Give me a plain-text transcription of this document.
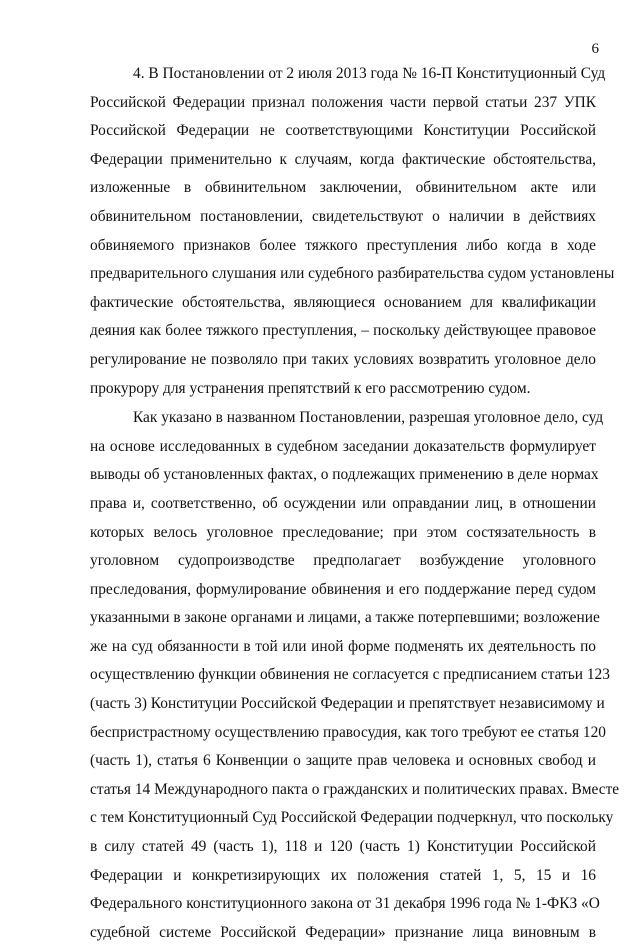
6
4. В Постановлении от 2 июля 2013 года № 16-П Конституционный Суд
Российской Федерации признал положения части первой статьи 237 УПК
Российской Федерации не соответствующими Конституции Российской
Федерации применительно к случаям, когда фактические обстоятельства,
изложенные в обвинительном заключении, обвинительном акте или
обвинительном постановлении, свидетельствуют о наличии в действиях
обвиняемого признаков более тяжкого преступления либо когда в ходе
предварительного слушания или судебного разбирательства судом установлены
фактические обстоятельства, являющиеся основанием для квалификации
деяния как более тяжкого преступления, – поскольку действующее правовое
регулирование не позволяло при таких условиях возвратить уголовное дело
прокурору для устранения препятствий к его рассмотрению судом.
Как указано в названном Постановлении, разрешая уголовное дело, суд
на основе исследованных в судебном заседании доказательств формулирует
выводы об установленных фактах, о подлежащих применению в деле нормах
права и, соответственно, об осуждении или оправдании лиц, в отношении
которых велось уголовное преследование; при этом состязательность в
уголовном судопроизводстве предполагает возбуждение уголовного
преследования, формулирование обвинения и его поддержание перед судом
указанными в законе органами и лицами, а также потерпевшими; возложение
же на суд обязанности в той или иной форме подменять их деятельность по
осуществлению функции обвинения не согласуется с предписанием статьи 123
(часть 3) Конституции Российской Федерации и препятствует независимому и
беспристрастному осуществлению правосудия, как того требуют ее статья 120
(часть 1), статья 6 Конвенции о защите прав человека и основных свобод и
статья 14 Международного пакта о гражданских и политических правах. Вместе
с тем Конституционный Суд Российской Федерации подчеркнул, что поскольку
в силу статей 49 (часть 1), 118 и 120 (часть 1) Конституции Российской
Федерации и конкретизирующих их положения статей 1, 5, 15 и 16
Федерального конституционного закона от 31 декабря 1996 года № 1-ФКЗ «О
судебной системе Российской Федерации» признание лица виновным в
